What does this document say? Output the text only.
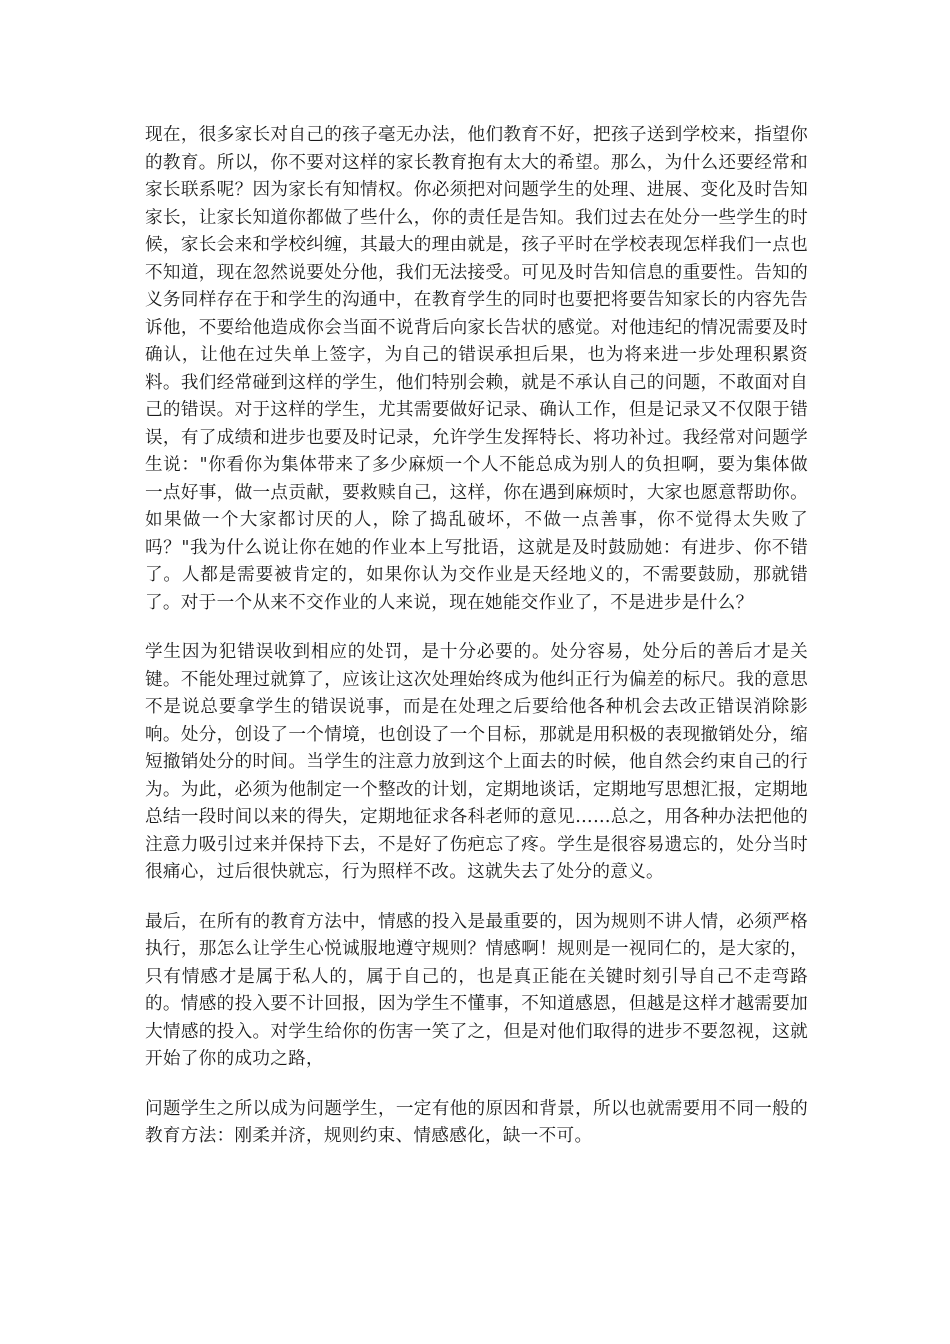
现在，很多家长对自己的孩子毫无办法，他们教育不好，把孩子送到学校来，指望你的教育。所以，你不要对这样的家长教育抱有太大的希望。那么，为什么还要经常和家长联系呢？因为家长有知情权。你必须把对问题学生的处理、进展、变化及时告知家长，让家长知道你都做了些什么，你的责任是告知。我们过去在处分一些学生的时候，家长会来和学校纠缠，其最大的理由就是，孩子平时在学校表现怎样我们一点也不知道，现在忽然说要处分他，我们无法接受。可见及时告知信息的重要性。告知的义务同样存在于和学生的沟通中，在教育学生的同时也要把将要告知家长的内容先告诉他，不要给他造成你会当面不说背后向家长告状的感觉。对他违纪的情况需要及时确认，让他在过失单上签字，为自己的错误承担后果，也为将来进一步处理积累资料。我们经常碰到这样的学生，他们特别会赖，就是不承认自己的问题，不敢面对自己的错误。对于这样的学生，尤其需要做好记录、确认工作，但是记录又不仅限于错误，有了成绩和进步也要及时记录，允许学生发挥特长、将功补过。我经常对问题学生说："你看你为集体带来了多少麻烦一个人不能总成为别人的负担啊，要为集体做一点好事，做一点贡献，要救赎自己，这样，你在遇到麻烦时，大家也愿意帮助你。如果做一个大家都讨厌的人，除了捣乱破坏，不做一点善事，你不觉得太失败了吗？"我为什么说让你在她的作业本上写批语，这就是及时鼓励她：有进步、你不错了。人都是需要被肯定的，如果你认为交作业是天经地义的，不需要鼓励，那就错了。对于一个从来不交作业的人来说，现在她能交作业了，不是进步是什么？

学生因为犯错误收到相应的处罚，是十分必要的。处分容易，处分后的善后才是关键。不能处理过就算了，应该让这次处理始终成为他纠正行为偏差的标尺。我的意思不是说总要拿学生的错误说事，而是在处理之后要给他各种机会去改正错误消除影响。处分，创设了一个情境，也创设了一个目标，那就是用积极的表现撤销处分，缩短撤销处分的时间。当学生的注意力放到这个上面去的时候，他自然会约束自己的行为。为此，必须为他制定一个整改的计划，定期地谈话，定期地写思想汇报，定期地总结一段时间以来的得失，定期地征求各科老师的意见……总之，用各种办法把他的注意力吸引过来并保持下去，不是好了伤疤忘了疼。学生是很容易遗忘的，处分当时很痛心，过后很快就忘，行为照样不改。这就失去了处分的意义。

最后，在所有的教育方法中，情感的投入是最重要的，因为规则不讲人情，必须严格执行，那怎么让学生心悦诚服地遵守规则？情感啊！规则是一视同仁的，是大家的，只有情感才是属于私人的，属于自己的，也是真正能在关键时刻引导自己不走弯路的。情感的投入要不计回报，因为学生不懂事，不知道感恩，但越是这样才越需要加大情感的投入。对学生给你的伤害一笑了之，但是对他们取得的进步不要忽视，这就开始了你的成功之路，

问题学生之所以成为问题学生，一定有他的原因和背景，所以也就需要用不同一般的教育方法：刚柔并济，规则约束、情感感化，缺一不可。
